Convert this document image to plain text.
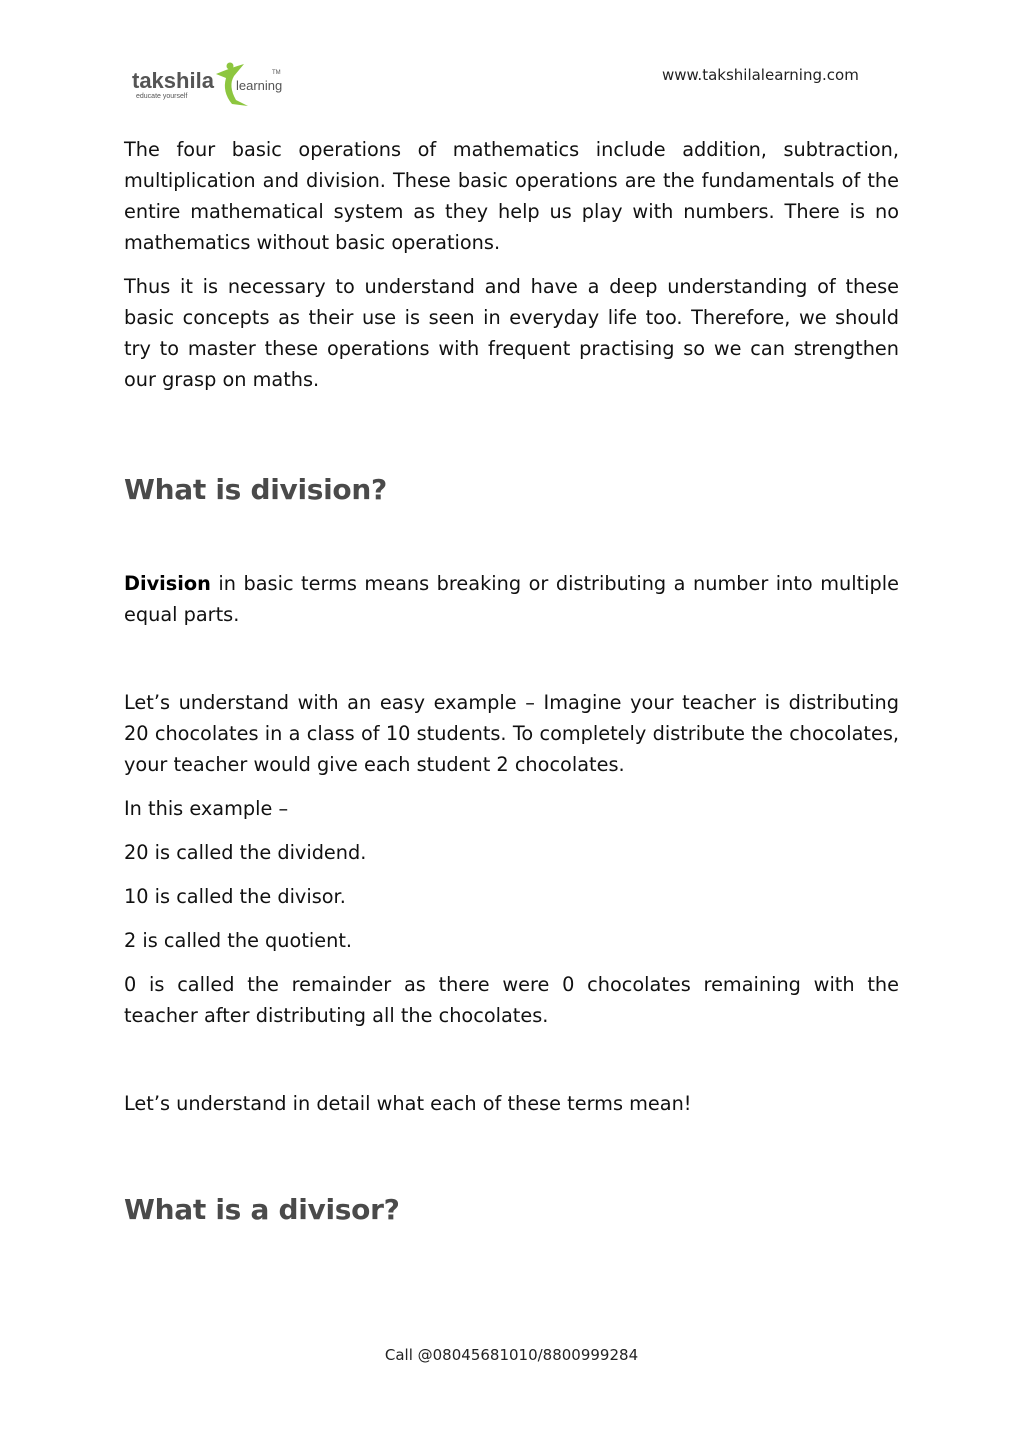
takshila
educate yourself
learning
TM	www.takshilalearning.com

The four basic operations of mathematics include addition, subtraction, multiplication and division. These basic operations are the fundamentals of the entire mathematical system as they help us play with numbers. There is no mathematics without basic operations.

Thus it is necessary to understand and have a deep understanding of these basic concepts as their use is seen in everyday life too. Therefore, we should try to master these operations with frequent practising so we can strengthen our grasp on maths.

What is division?

Division in basic terms means breaking or distributing a number into multiple equal parts.

Let’s understand with an easy example – Imagine your teacher is distributing 20 chocolates in a class of 10 students. To completely distribute the chocolates, your teacher would give each student 2 chocolates.

In this example –

20 is called the dividend.

10 is called the divisor.

2 is called the quotient.

0 is called the remainder as there were 0 chocolates remaining with the teacher after distributing all the chocolates.

Let’s understand in detail what each of these terms mean!

What is a divisor?
Call @08045681010/8800999284
